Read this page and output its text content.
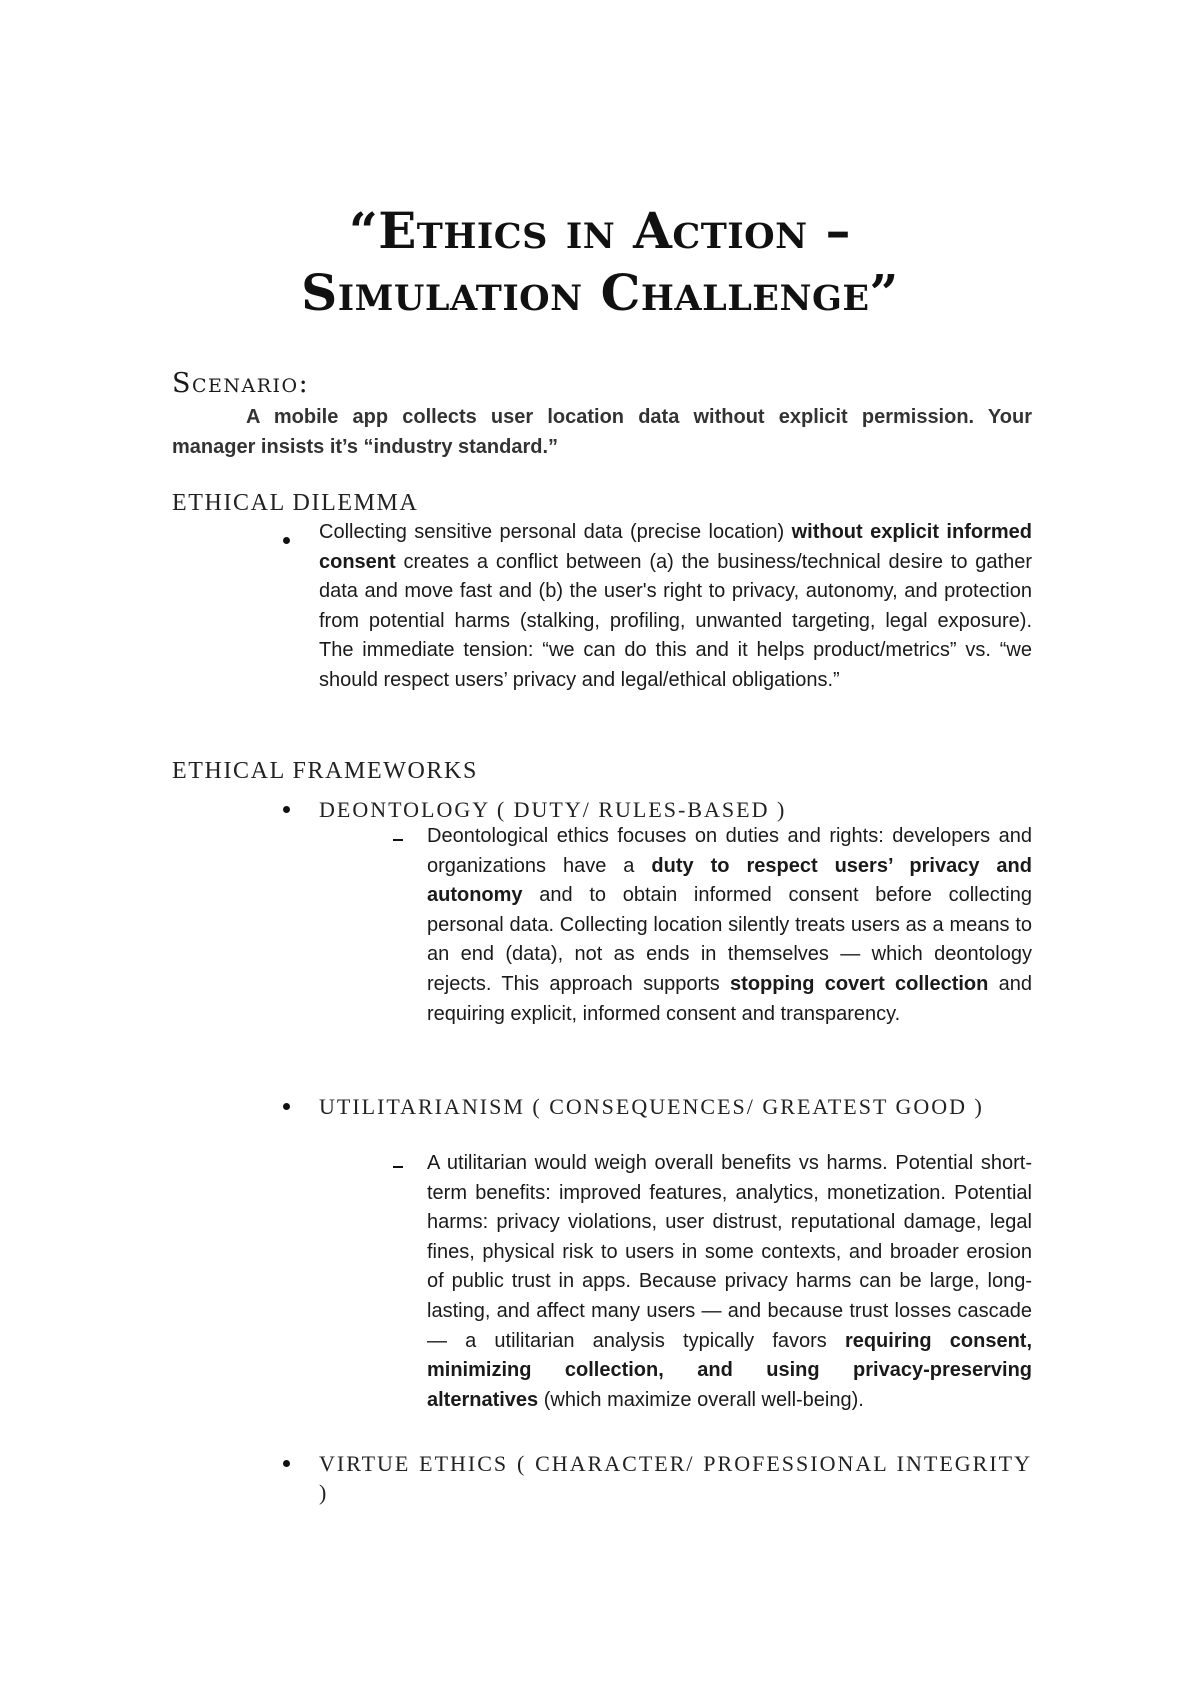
“Ethics in Action –
Simulation Challenge”
Scenario:
A mobile app collects user location data without explicit permission. Your manager insists it’s “industry standard.”
ETHICAL DILEMMA
Collecting sensitive personal data (precise location) without explicit informed consent creates a conflict between (a) the business/technical desire to gather data and move fast and (b) the user's right to privacy, autonomy, and protection from potential harms (stalking, profiling, unwanted targeting, legal exposure). The immediate tension: “we can do this and it helps product/metrics” vs. “we should respect users’ privacy and legal/ethical obligations.”
ETHICAL FRAMEWORKS
DEONTOLOGY ( DUTY/ RULES-BASED )
Deontological ethics focuses on duties and rights: developers and organizations have a duty to respect users’ privacy and autonomy and to obtain informed consent before collecting personal data. Collecting location silently treats users as a means to an end (data), not as ends in themselves — which deontology rejects. This approach supports stopping covert collection and requiring explicit, informed consent and transparency.
UTILITARIANISM ( CONSEQUENCES/ GREATEST GOOD )
A utilitarian would weigh overall benefits vs harms. Potential short-term benefits: improved features, analytics, monetization. Potential harms: privacy violations, user distrust, reputational damage, legal fines, physical risk to users in some contexts, and broader erosion of public trust in apps. Because privacy harms can be large, long-lasting, and affect many users — and because trust losses cascade — a utilitarian analysis typically favors requiring consent, minimizing collection, and using privacy-preserving alternatives (which maximize overall well-being).
VIRTUE ETHICS ( CHARACTER/ PROFESSIONAL INTEGRITY )
